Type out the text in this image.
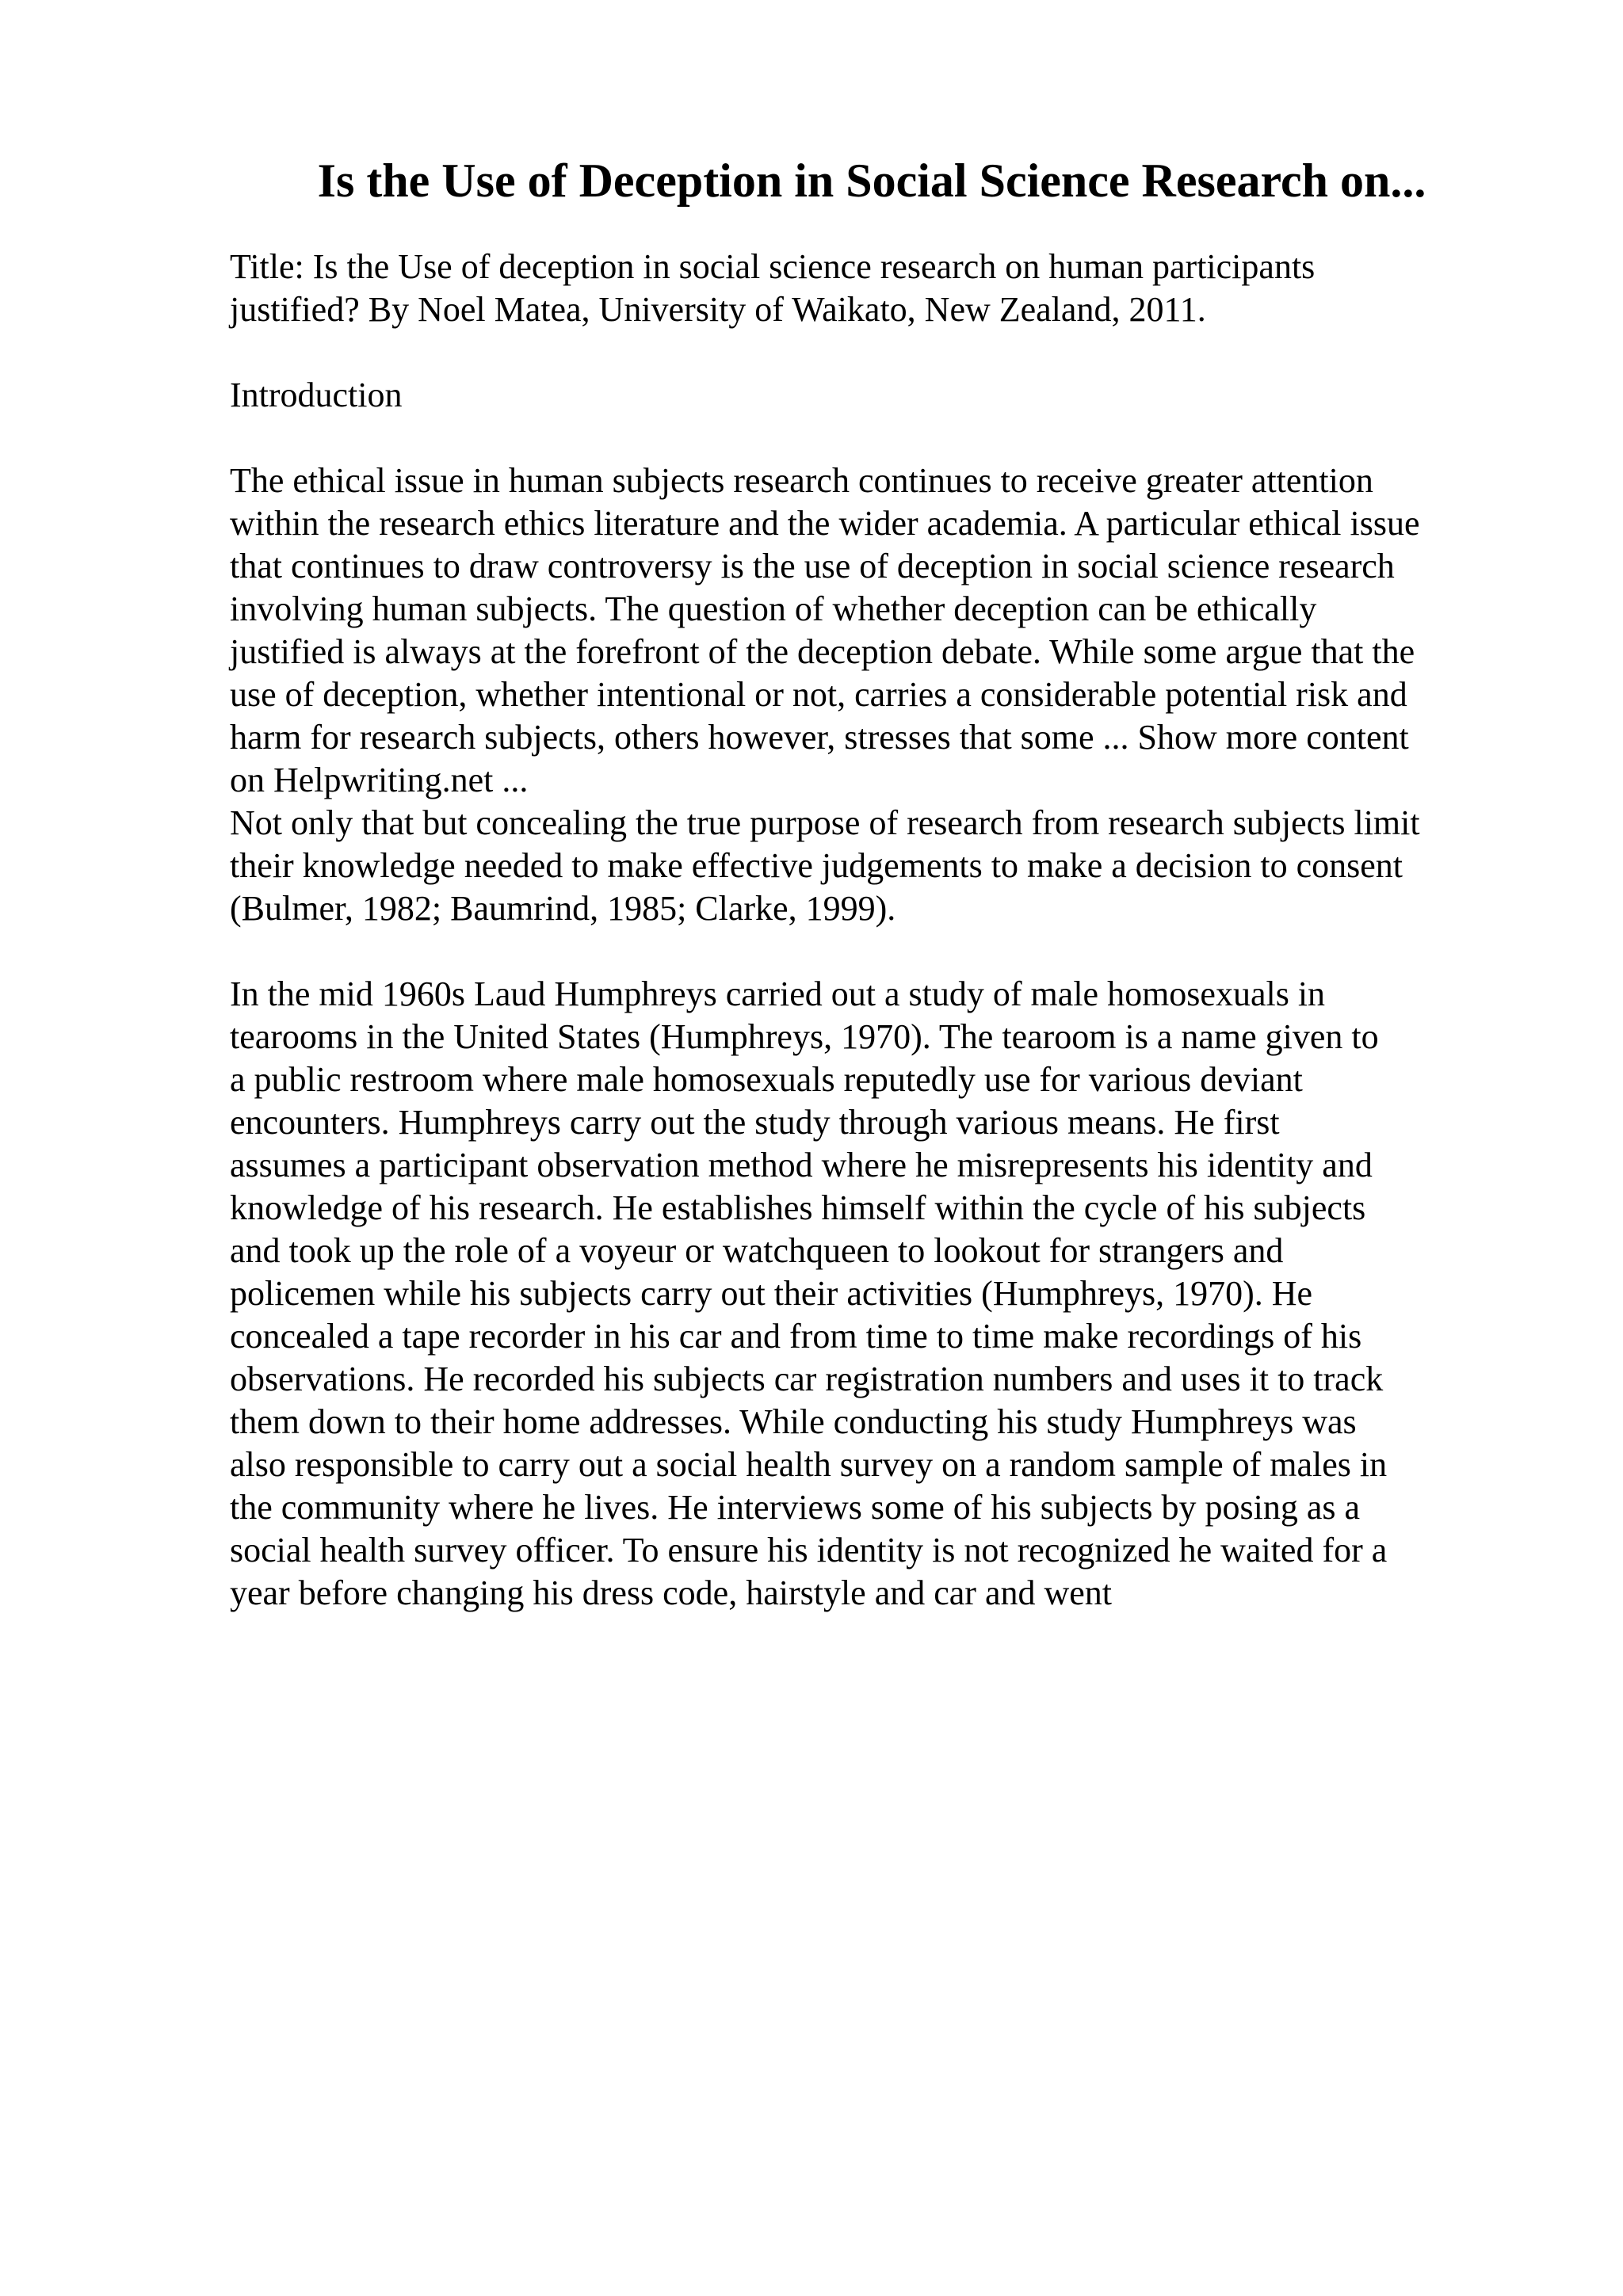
Is the Use of Deception in Social Science Research on...

Title: Is the Use of deception in social science research on human participants
justified? By Noel Matea, University of Waikato, New Zealand, 2011.

Introduction

The ethical issue in human subjects research continues to receive greater attention
within the research ethics literature and the wider academia. A particular ethical issue
that continues to draw controversy is the use of deception in social science research
involving human subjects. The question of whether deception can be ethically
justified is always at the forefront of the deception debate. While some argue that the
use of deception, whether intentional or not, carries a considerable potential risk and
harm for research subjects, others however, stresses that some ... Show more content
on Helpwriting.net ...

Not only that but concealing the true purpose of research from research subjects limit
their knowledge needed to make effective judgements to make a decision to consent
(Bulmer, 1982; Baumrind, 1985; Clarke, 1999).

In the mid 1960s Laud Humphreys carried out a study of male homosexuals in
tearooms in the United States (Humphreys, 1970). The tearoom is a name given to
a public restroom where male homosexuals reputedly use for various deviant
encounters. Humphreys carry out the study through various means. He first
assumes a participant observation method where he misrepresents his identity and
knowledge of his research. He establishes himself within the cycle of his subjects
and took up the role of a voyeur or watchqueen to lookout for strangers and
policemen while his subjects carry out their activities (Humphreys, 1970). He
concealed a tape recorder in his car and from time to time make recordings of his
observations. He recorded his subjects car registration numbers and uses it to track
them down to their home addresses. While conducting his study Humphreys was
also responsible to carry out a social health survey on a random sample of males in
the community where he lives. He interviews some of his subjects by posing as a
social health survey officer. To ensure his identity is not recognized he waited for a
year before changing his dress code, hairstyle and car and went
